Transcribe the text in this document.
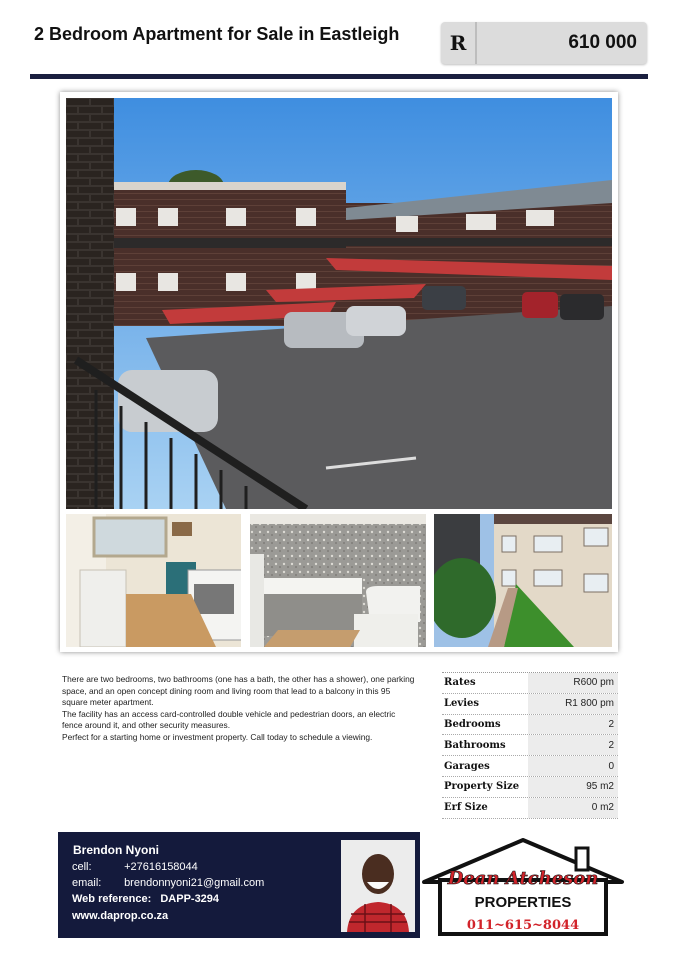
2 Bedroom Apartment for Sale in Eastleigh	R	610 000

There are two bedrooms, two bathrooms (one has a bath, the other has a shower), one parking space, and an open concept dining room and living room that lead to a balcony in this 95 square meter apartment.

The facility has an access card-controlled double vehicle and pedestrian doors, an electric fence around it, and other security measures.

Perfect for a starting home or investment property. Call today to schedule a viewing.

Rates	R600 pm
Levies	R1 800 pm
Bedrooms	2
Bathrooms	2
Garages	0
Property Size	95 m2
Erf Size	0 m2
Brendon Nyoni
cell:	+27616158044
email: brendonnyoni21@gmail.com
Web reference: DAPP-3294
www.daprop.co.za
Dean Atcheson
PROPERTIES
011~615~8044
